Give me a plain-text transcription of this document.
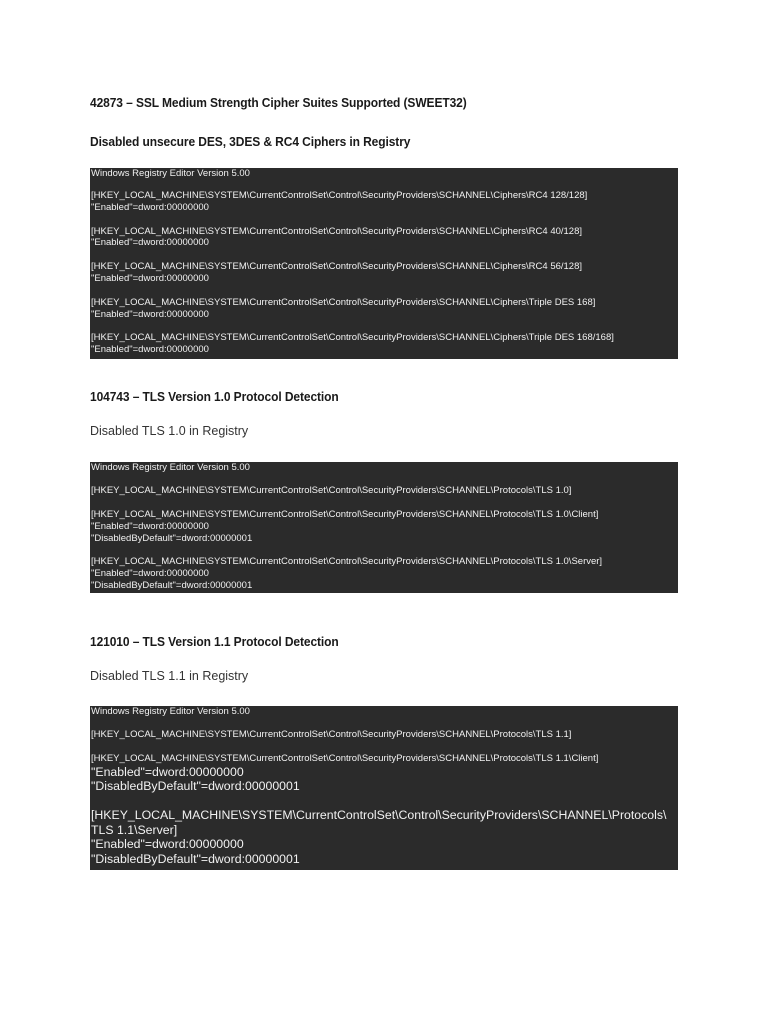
42873 – SSL Medium Strength Cipher Suites Supported (SWEET32)
Disabled unsecure DES, 3DES & RC4 Ciphers in Registry
Windows Registry Editor Version 5.00
[HKEY_LOCAL_MACHINE\SYSTEM\CurrentControlSet\Control\SecurityProviders\SCHANNEL\Ciphers\RC4 128/128]
"Enabled"=dword:00000000
[HKEY_LOCAL_MACHINE\SYSTEM\CurrentControlSet\Control\SecurityProviders\SCHANNEL\Ciphers\RC4 40/128]
"Enabled"=dword:00000000
[HKEY_LOCAL_MACHINE\SYSTEM\CurrentControlSet\Control\SecurityProviders\SCHANNEL\Ciphers\RC4 56/128]
"Enabled"=dword:00000000
[HKEY_LOCAL_MACHINE\SYSTEM\CurrentControlSet\Control\SecurityProviders\SCHANNEL\Ciphers\Triple DES 168]
"Enabled"=dword:00000000
[HKEY_LOCAL_MACHINE\SYSTEM\CurrentControlSet\Control\SecurityProviders\SCHANNEL\Ciphers\Triple DES 168/168]
"Enabled"=dword:00000000
104743 – TLS Version 1.0 Protocol Detection
Disabled TLS 1.0 in Registry
Windows Registry Editor Version 5.00
[HKEY_LOCAL_MACHINE\SYSTEM\CurrentControlSet\Control\SecurityProviders\SCHANNEL\Protocols\TLS 1.0]
[HKEY_LOCAL_MACHINE\SYSTEM\CurrentControlSet\Control\SecurityProviders\SCHANNEL\Protocols\TLS 1.0\Client]
"Enabled"=dword:00000000
"DisabledByDefault"=dword:00000001
[HKEY_LOCAL_MACHINE\SYSTEM\CurrentControlSet\Control\SecurityProviders\SCHANNEL\Protocols\TLS 1.0\Server]
"Enabled"=dword:00000000
"DisabledByDefault"=dword:00000001
121010 – TLS Version 1.1 Protocol Detection
Disabled TLS 1.1 in Registry
Windows Registry Editor Version 5.00
[HKEY_LOCAL_MACHINE\SYSTEM\CurrentControlSet\Control\SecurityProviders\SCHANNEL\Protocols\TLS 1.1]
[HKEY_LOCAL_MACHINE\SYSTEM\CurrentControlSet\Control\SecurityProviders\SCHANNEL\Protocols\TLS 1.1\Client]
"Enabled"=dword:00000000
"DisabledByDefault"=dword:00000001
[HKEY_LOCAL_MACHINE\SYSTEM\CurrentControlSet\Control\SecurityProviders\SCHANNEL\Protocols\
TLS 1.1\Server]
"Enabled"=dword:00000000
"DisabledByDefault"=dword:00000001
